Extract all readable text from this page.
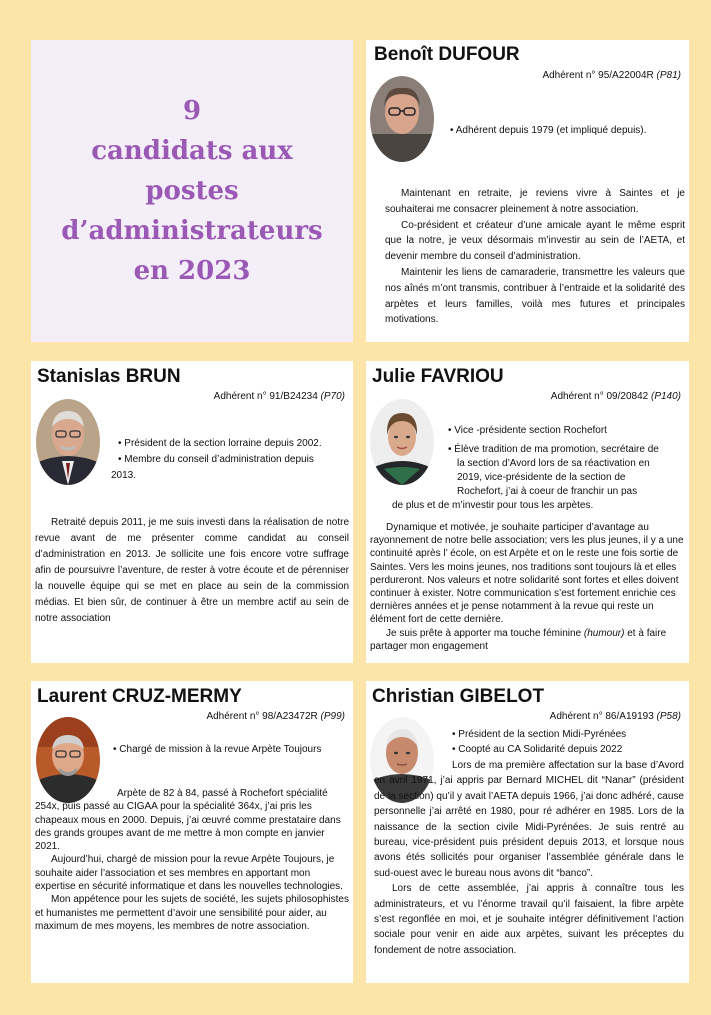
9
candidats aux
postes
d’administrateurs
en 2023
Benoît DUFOUR
Adhérent n° 95/A22004R (P81)
• Adhérent depuis 1979 (et impliqué depuis).

Maintenant en retraite, je reviens vivre à Saintes et je souhaiterai me consacrer pleinement à notre association.

Co-président et créateur d’une amicale ayant le même esprit que la notre, je veux désormais m’investir au sein de l’AETA, et devenir membre du conseil d’administration.

Maintenir les liens de camaraderie, transmettre les valeurs que nos aînés m’ont transmis, contribuer à l’entraide et la solidarité des arpètes et leurs familles, voilà mes futures et principales motivations.

Stanislas BRUN
Adhérent n° 91/B24234 (P70)
• Président de la section lorraine depuis 2002.
• Membre du conseil d’administration depuis
2013.

Retraité depuis 2011, je me suis investi dans la réalisation de notre revue avant de me présenter comme candidat au conseil d’administration en 2013. Je sollicite une fois encore votre suffrage afin de poursuivre l’aventure, de rester à votre écoute et de pérenniser la nouvelle équipe qui se met en place au sein de la commission médias. Et bien sûr, de continuer à être un membre actif au sein de notre association

Julie FAVRIOU
Adhérent n° 09/20842 (P140)
• Vice -présidente section Rochefort
• Élève tradition de ma promotion, secrétaire de
la section d’Avord lors de sa réactivation en
2019, vice-présidente de la section de
Rochefort, j’ai à coeur de franchir un pas
de plus et de m’investir pour tous les arpètes.

Dynamique et motivée, je souhaite participer d’avantage au rayonnement de notre belle association; vers les plus jeunes, il y a une continuité après l’ école, on est Arpète et on le reste une fois sortie de Saintes. Vers les moins jeunes, nos traditions sont toujours là et elles perdureront. Nos valeurs et notre solidarité sont fortes et elles doivent continuer à exister. Notre communication s’est fortement enrichie ces dernières années et je pense notamment à la revue qui reste un élément fort de cette dernière.

Je suis prête à apporter ma touche féminine (humour) et à faire partager mon engagement

Laurent CRUZ-MERMY
Adhérent n° 98/A23472R (P99)
• Chargé de mission à la revue Arpète Toujours

Arpète de 82 à 84, passé à Rochefort spécialité 254x, puis passé au CIGAA pour la spécialité 364x, j’ai pris les chapeaux mous en 2000. Depuis, j’ai œuvré comme prestataire dans des grands groupes avant de me mettre à mon compte en janvier 2021.

Aujourd’hui, chargé de mission pour la revue Arpète Toujours, je souhaite aider l’association et ses membres en apportant mon expertise en sécurité informatique et dans les nouvelles technologies.

Mon appétence pour les sujets de société, les sujets philosophistes et humanistes me permettent d’avoir une sensibilité pour aider, au maximum de mes moyens, les membres de notre association.

Christian GIBELOT
Adhérent n° 86/A19193 (P58)
• Président de la section Midi-Pyrénées
• Coopté au CA Solidarité depuis 2022

Lors de ma première affectation sur la base d’Avord en avril 1971, j’ai appris par Bernard MICHEL dit “Nanar” (président de la section) qu’il y avait l’AETA depuis 1966, j’ai donc adhéré, cause personnelle j’ai arrêté en 1980, pour ré adhérer en 1985. Lors de la naissance de la section civile Midi-Pyrénées. Je suis rentré au bureau, vice-président puis président depuis 2013, et lorsque nous avons étés sollicités pour organiser l’assemblée générale dans le sud-ouest avec le bureau nous avons dit “banco”.

Lors de cette assemblée, j’ai appris à connaître tous les administrateurs, et vu l’énorme travail qu’il faisaient, la fibre arpète s’est regonflée en moi, et je souhaite intégrer définitivement l’action sociale pour venir en aide aux arpètes, suivant les préceptes du fondement de notre association.
